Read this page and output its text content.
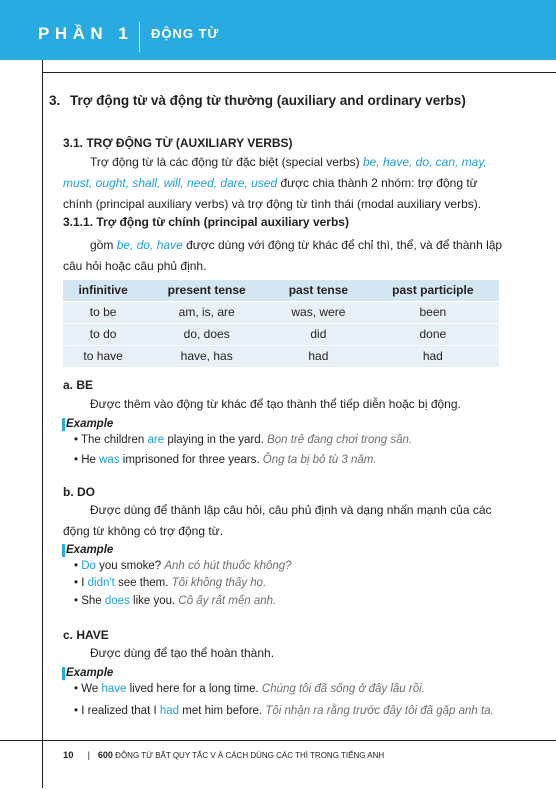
PHẦN 1 ĐỘNG TỪ
3. Trợ động từ và động từ thường (auxiliary and ordinary verbs)
3.1. TRỢ ĐỘNG TỪ (AUXILIARY VERBS)
Trợ động từ là các động từ đặc biệt (special verbs) be, have, do, can, may, must, ought, shall, will, need, dare, used được chia thành 2 nhóm: trợ động từ chính (principal auxiliary verbs) và trợ động từ tình thái (modal auxiliary verbs).
3.1.1. Trợ động từ chính (principal auxiliary verbs)
gồm be, do, have được dùng với động từ khác để chỉ thì, thể, và để thành lập câu hỏi hoặc câu phủ định.
infinitive	present tense	past tense	past participle
to be	am, is, are	was, were	been
to do	do, does	did	done
to have	have, has	had	had
a. BE
Được thêm vào động từ khác để tạo thành thể tiếp diễn hoặc bị động.
Example
• The children are playing in the yard. Bọn trẻ đang chơi trong sân.
• He was imprisoned for three years. Ông ta bị bỏ tù 3 năm.
b. DO
Được dùng để thành lập câu hỏi, câu phủ định và dạng nhấn mạnh của các động từ không có trợ động từ.
Example
• Do you smoke? Anh có hút thuốc không?
• I didn't see them. Tôi không thấy họ.
• She does like you. Cô ấy rất mến anh.
c. HAVE
Được dùng để tạo thể hoàn thành.
Example
• We have lived here for a long time. Chúng tôi đã sống ở đây lâu rồi.
• I realized that I had met him before. Tôi nhận ra rằng trước đây tôi đã gặp anh ta.
10 | 600 ĐỘNG TỪ BẤT QUY TẮC V À CÁCH DÙNG CÁC THÌ TRONG TIẾNG ANH
